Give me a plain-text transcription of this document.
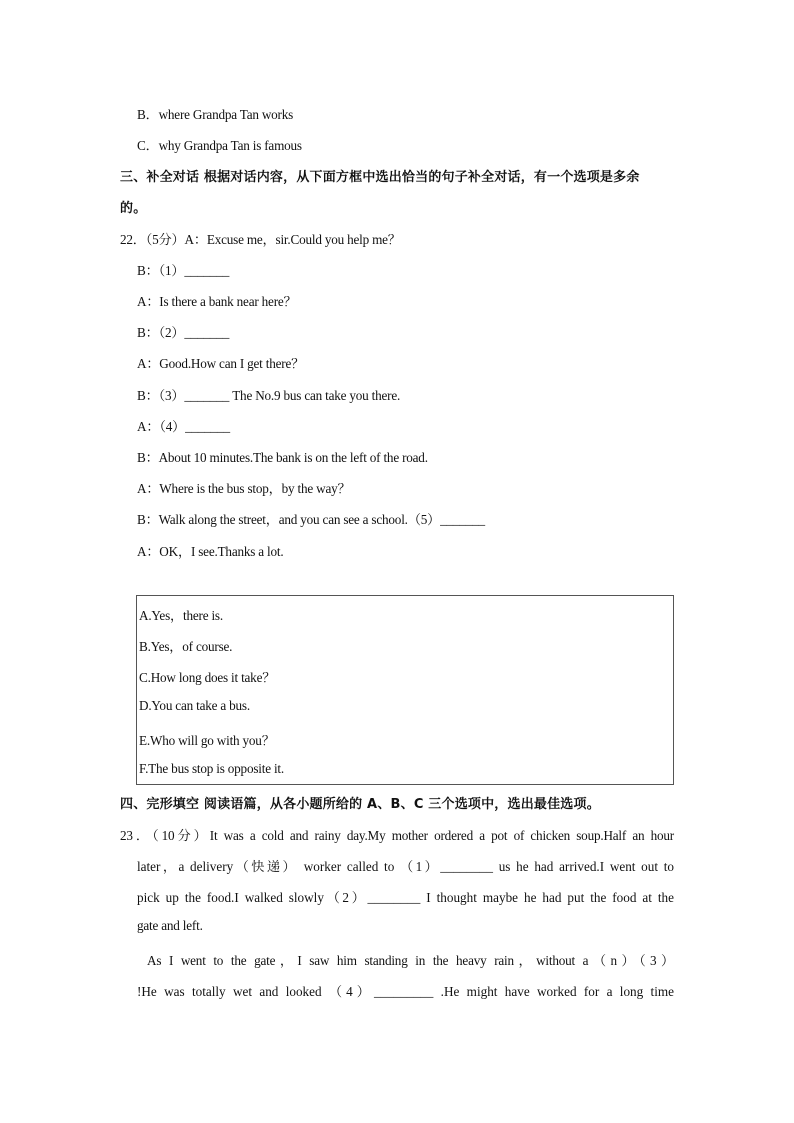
B．where Grandpa Tan works
C．why Grandpa Tan is famous
三、补全对话 根据对话内容，从下面方框中选出恰当的句子补全对话，有一个选项是多余
的。
22．（5分）A：Excuse me，sir.Could you help me？
B：（1）_______
A：Is there a bank near here？
B：（2）_______
A：Good.How can I get there？
B：（3）_______ The No.9 bus can take you there.
A：（4）_______
B：About 10 minutes.The bank is on the left of the road.
A：Where is the bus stop，by the way？
B：Walk along the street，and you can see a school.（5）_______
A：OK，I see.Thanks a lot.
A.Yes，there is.
B.Yes，of course.
C.How long does it take？
D.You can take a bus.
E.Who will go with you？
F.The bus stop is opposite it.
四、完形填空 阅读语篇，从各小题所给的 A、B、C 三个选项中，选出最佳选项。
23．（10分）It was a cold and rainy day.My mother ordered a pot of chicken soup.Half an hour
later，a delivery（快递） worker called to （1）________ us he had arrived.I went out to
pick up the food.I walked slowly（2）________ I thought maybe he had put the food at the
gate and left.
As I went to the gate，I saw him standing in the heavy rain，without a（n）（3）
!He was totally wet and looked （4）_________ .He might have worked for a long time
